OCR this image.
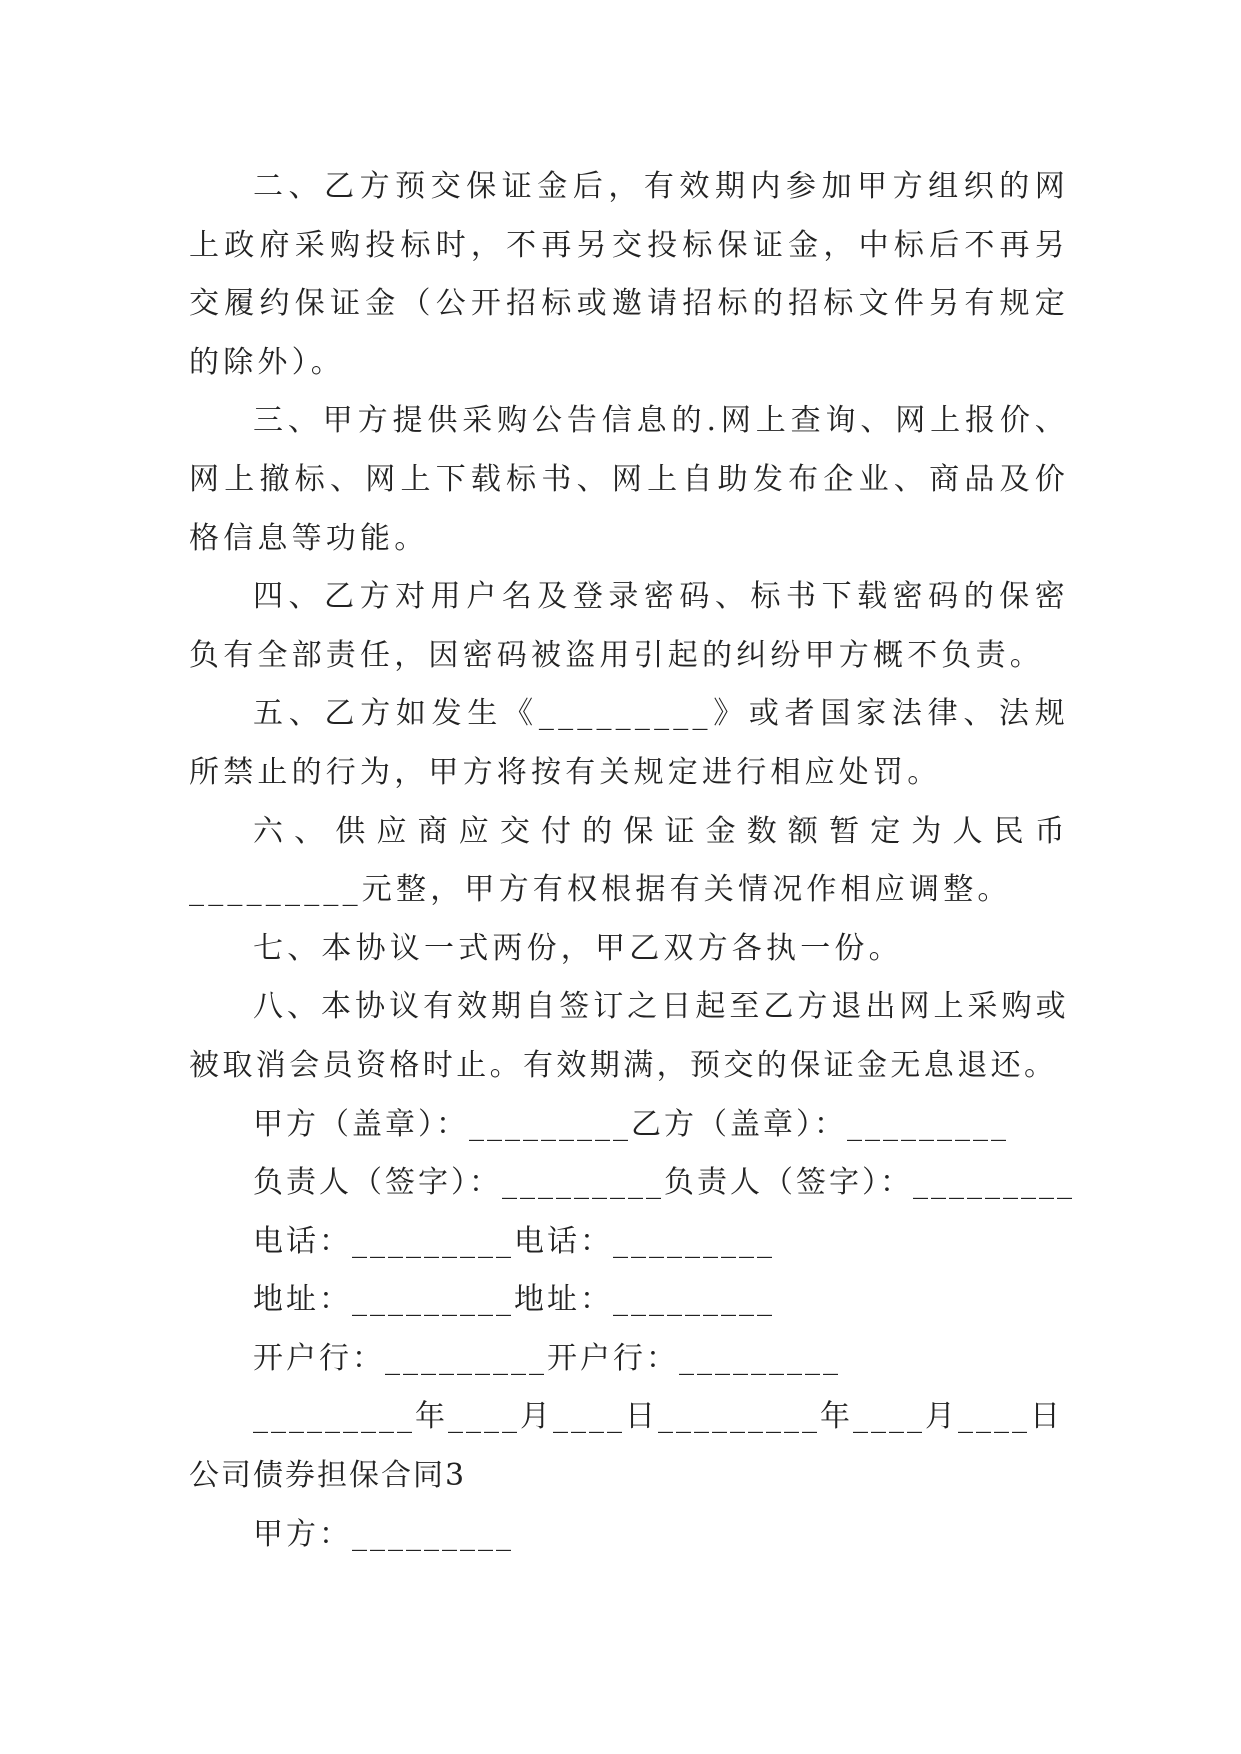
二、乙方预交保证金后，有效期内参加甲方组织的网上政府采购投标时，不再另交投标保证金，中标后不再另交履约保证金（公开招标或邀请招标的招标文件另有规定的除外）。

三、甲方提供采购公告信息的.网上查询、网上报价、网上撤标、网上下载标书、网上自助发布企业、商品及价格信息等功能。

四、乙方对用户名及登录密码、标书下载密码的保密负有全部责任，因密码被盗用引起的纠纷甲方概不负责。

五、乙方如发生《_________》或者国家法律、法规所禁止的行为，甲方将按有关规定进行相应处罚。

六、供应商应交付的保证金数额暂定为人民币_________元整，甲方有权根据有关情况作相应调整。

七、本协议一式两份，甲乙双方各执一份。

八、本协议有效期自签订之日起至乙方退出网上采购或被取消会员资格时止。有效期满，预交的保证金无息退还。

甲方（盖章）：_________乙方（盖章）：_________

负责人（签字）：_________负责人（签字）：_________

电话：_________电话：_________

地址：_________地址：_________

开户行：_________开户行：_________

_________年____月____日_________年____月____日

公司债券担保合同3

甲方：_________
